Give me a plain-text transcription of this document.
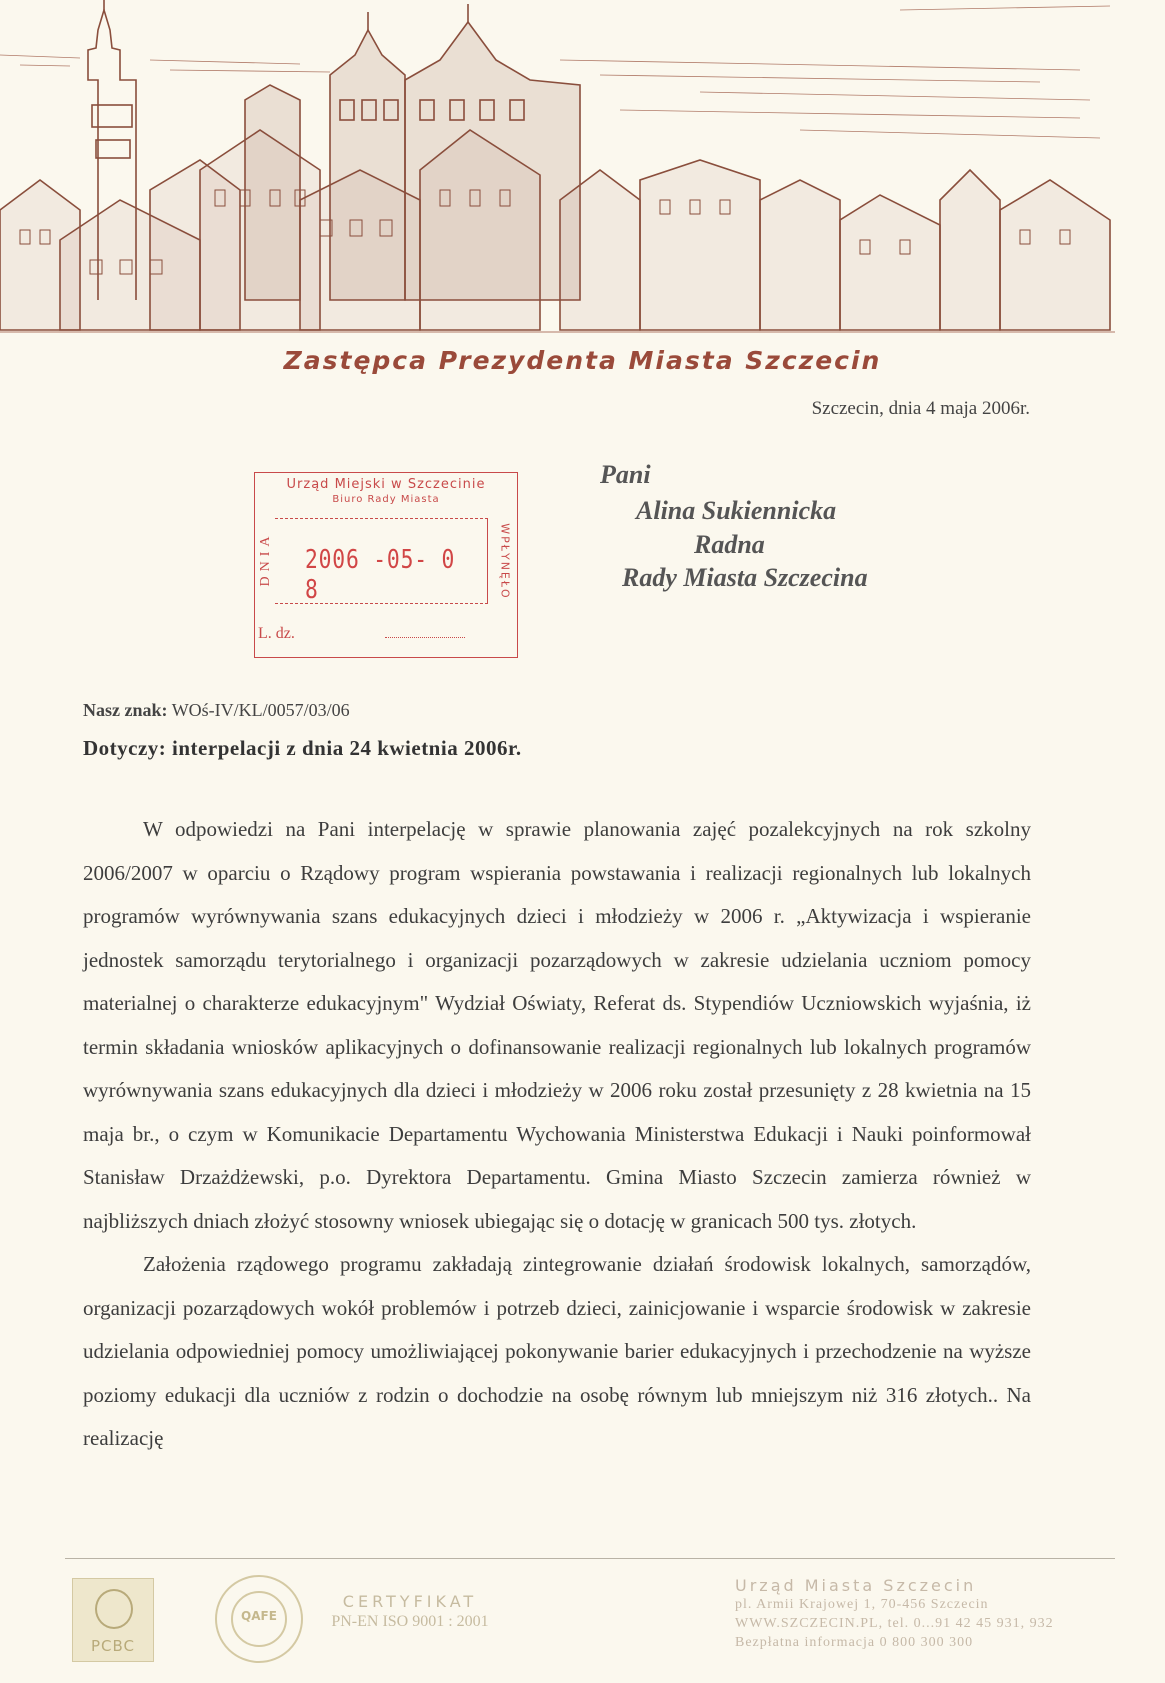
Zastępca Prezydenta Miasta Szczecin
Szczecin, dnia 4 maja 2006r.
Urząd Miejski w Szczecinie
Biuro Rady Miasta
DNIA	WPŁYNĘŁO
2006 -05- 0 8
L. dz.
Pani
Alina Sukiennicka
Radna
Rady Miasta Szczecina
Nasz znak: WOś-IV/KL/0057/03/06
Dotyczy: interpelacji z dnia 24 kwietnia 2006r.

W odpowiedzi na Pani interpelację w sprawie planowania zajęć pozalekcyjnych na rok szkolny 2006/2007 w oparciu o Rządowy program wspierania powstawania i realizacji regionalnych lub lokalnych programów wyrównywania szans edukacyjnych dzieci i młodzieży w 2006 r. „Aktywizacja i wspieranie jednostek samorządu terytorialnego i organizacji pozarządowych w zakresie udzielania uczniom pomocy materialnej o charakterze edukacyjnym" Wydział Oświaty, Referat ds. Stypendiów Uczniowskich wyjaśnia, iż termin składania wniosków aplikacyjnych o dofinansowanie realizacji regionalnych lub lokalnych programów wyrównywania szans edukacyjnych dla dzieci i młodzieży w 2006 roku został przesunięty z 28 kwietnia na 15 maja br., o czym w Komunikacie Departamentu Wychowania Ministerstwa Edukacji i Nauki poinformował Stanisław Drzażdżewski, p.o. Dyrektora Departamentu. Gmina Miasto Szczecin zamierza również w najbliższych dniach złożyć stosowny wniosek ubiegając się o dotację w granicach 500 tys. złotych.

Założenia rządowego programu zakładają zintegrowanie działań środowisk lokalnych, samorządów, organizacji pozarządowych wokół problemów i potrzeb dzieci, zainicjowanie i wsparcie środowisk w zakresie udzielania odpowiedniej pomocy umożliwiającej pokonywanie barier edukacyjnych i przechodzenie na wyższe poziomy edukacji dla uczniów z rodzin o dochodzie na osobę równym lub mniejszym niż 316 złotych.. Na realizację

PCBC
QAFE
CERTYFIKAT
PN-EN ISO 9001 : 2001
Urząd Miasta Szczecin
pl. Armii Krajowej 1, 70-456 Szczecin
WWW.SZCZECIN.PL, tel. 0...91 42 45 931, 932
Bezpłatna informacja 0 800 300 300
